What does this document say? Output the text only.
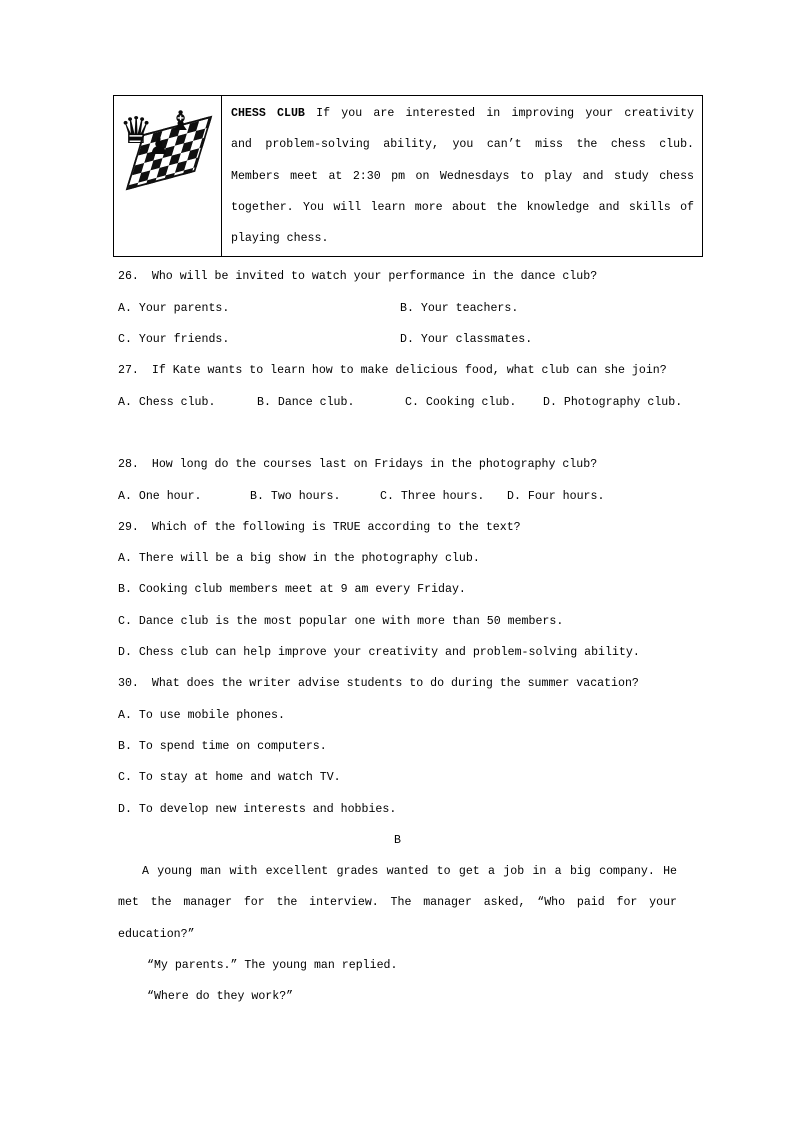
♛ ♝
♟

CHESS CLUB If you are interested in improving your creativity
and problem-solving ability, you can’t miss the chess club.
Members meet at 2:30 pm on Wednesdays to play and study chess
together. You will learn more about the knowledge and skills of
playing chess.
26. Who will be invited to watch your performance in the dance club?
A. Your parents.	B. Your teachers.
C. Your friends.	D. Your classmates.
27. If Kate wants to learn how to make delicious food, what club can she join?
A. Chess club.	B. Dance club.	C. Cooking club. D. Photography club.
28. How long do the courses last on Fridays in the photography club?
A. One hour.	B. Two hours.	C. Three hours. D. Four hours.
29. Which of the following is TRUE according to the text?
A. There will be a big show in the photography club.
B. Cooking club members meet at 9 am every Friday.
C. Dance club is the most popular one with more than 50 members.
D. Chess club can help improve your creativity and problem-solving ability.
30. What does the writer advise students to do during the summer vacation?
A. To use mobile phones.
B. To spend time on computers.
C. To stay at home and watch TV.
D. To develop new interests and hobbies.
B
A young man with excellent grades wanted to get a job in a big company. He
met the manager for the interview. The manager asked, “Who paid for your
education?”
“My parents.” The young man replied.
“Where do they work?”
